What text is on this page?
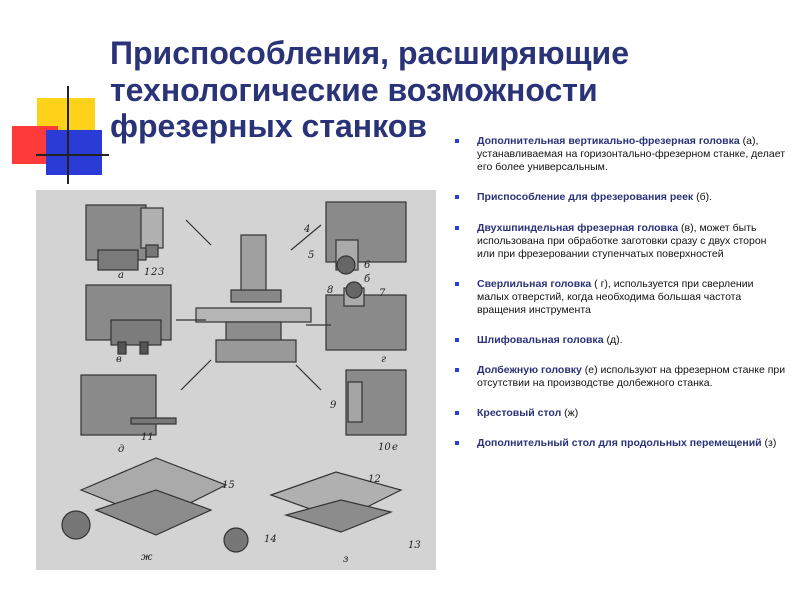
Приспособления, расширяющие
технологические возможности
фрезерных станков
а 1 2 3
4
5
6
б
7
8
г
в
9
10 е
11
д
15
ж
12
14
13
з
Дополнительная вертикально-фрезерная головка (а), устанавливаемая на горизонтально-фрезерном станке, делает его более универсальным.
Приспособление для фрезерования реек (б).
Двухшпиндельная фрезерная головка (в), может быть использована при обработке заготовки сразу с двух сторон или при фрезеровании ступенчатых поверхностей
Сверлильная головка ( г), используется при сверлении малых отверстий, когда необходима большая частота вращения инструмента
Шлифовальная головка (д).
Долбежную головку (е) используют на фрезерном станке при отсутствии на производстве долбежного станка.
Крестовый стол (ж)
Дополнительный стол для продольных перемещений (з)
